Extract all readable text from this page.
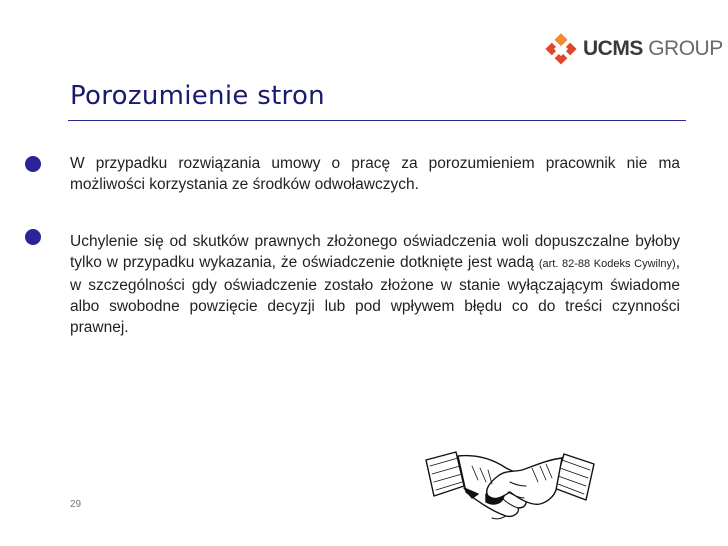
UCMS GROUP
Porozumienie stron
W przypadku rozwiązania umowy o pracę za porozumieniem pracownik nie ma możliwości korzystania ze środków odwoławczych.
Uchylenie się od skutków prawnych złożonego oświadczenia woli dopuszczalne byłoby tylko w przypadku wykazania, że oświadczenie dotknięte jest wadą (art. 82-88 Kodeks Cywilny), w szczególności gdy oświadczenie zostało złożone w stanie wyłączającym świadome albo swobodne powzięcie decyzji lub pod wpływem błędu co do treści czynności prawnej.
29
